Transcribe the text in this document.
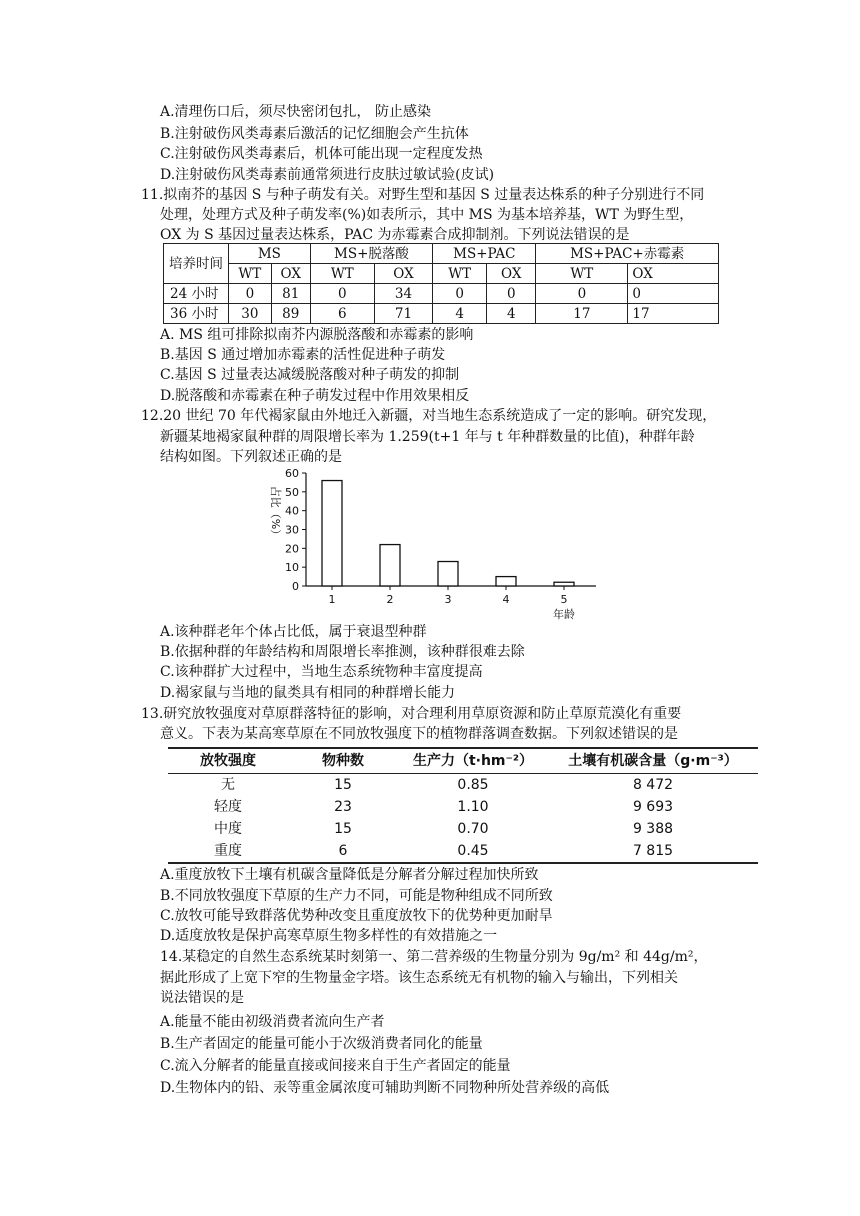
A.清理伤口后，须尽快密闭包扎， 防止感染
B.注射破伤风类毒素后激活的记忆细胞会产生抗体
C.注射破伤风类毒素后，机体可能出现一定程度发热
D.注射破伤风类毒素前通常须进行皮肤过敏试验(皮试)
11.拟南芥的基因 S 与种子萌发有关。对野生型和基因 S 过量表达株系的种子分别进行不同
处理，处理方式及种子萌发率(%)如表所示，其中 MS 为基本培养基，WT 为野生型，
OX 为 S 基因过量表达株系，PAC 为赤霉素合成抑制剂。下列说法错误的是
培养时间	MS		MS+脱落酸		MS+PAC		MS+PAC+赤霉素	
	WT	OX	WT	OX	WT	OX	WT	OX
24 小时	0	81	0	34	0	0	0	0
36 小时	30	89	6	71	4	4	17	17
A. MS 组可排除拟南芥内源脱落酸和赤霉素的影响
B.基因 S 通过增加赤霉素的活性促进种子萌发
C.基因 S 过量表达减缓脱落酸对种子萌发的抑制
D.脱落酸和赤霉素在种子萌发过程中作用效果相反
12.20 世纪 70 年代褐家鼠由外地迁入新疆，对当地生态系统造成了一定的影响。研究发现，
新疆某地褐家鼠种群的周限增长率为 1.259(t+1 年与 t 年种群数量的比值)，种群年龄
结构如图。下列叙述正确的是
0
10
20
30
40
50
60
占比（%）
1	2	3	4	5
年龄
A.该种群老年个体占比低，属于衰退型种群
B.依据种群的年龄结构和周限增长率推测，该种群很难去除
C.该种群扩大过程中，当地生态系统物种丰富度提高
D.褐家鼠与当地的鼠类具有相同的种群增长能力
13.研究放牧强度对草原群落特征的影响，对合理利用草原资源和防止草原荒漠化有重要
意义。下表为某高寒草原在不同放牧强度下的植物群落调查数据。下列叙述错误的是
放牧强度	物种数	生产力（t·hm⁻²）	土壤有机碳含量（g·m⁻³）
无	15	0.85	8 472
轻度	23	1.10	9 693
中度	15	0.70	9 388
重度	6	0.45	7 815
A.重度放牧下土壤有机碳含量降低是分解者分解过程加快所致
B.不同放牧强度下草原的生产力不同，可能是物种组成不同所致
C.放牧可能导致群落优势种改变且重度放牧下的优势种更加耐旱
D.适度放牧是保护高寒草原生物多样性的有效措施之一
14.某稳定的自然生态系统某时刻第一、第二营养级的生物量分别为 9g/m² 和 44g/m²，
据此形成了上宽下窄的生物量金字塔。该生态系统无有机物的输入与输出，下列相关
说法错误的是
A.能量不能由初级消费者流向生产者
B.生产者固定的能量可能小于次级消费者同化的能量
C.流入分解者的能量直接或间接来自于生产者固定的能量
D.生物体内的铅、汞等重金属浓度可辅助判断不同物种所处营养级的高低
